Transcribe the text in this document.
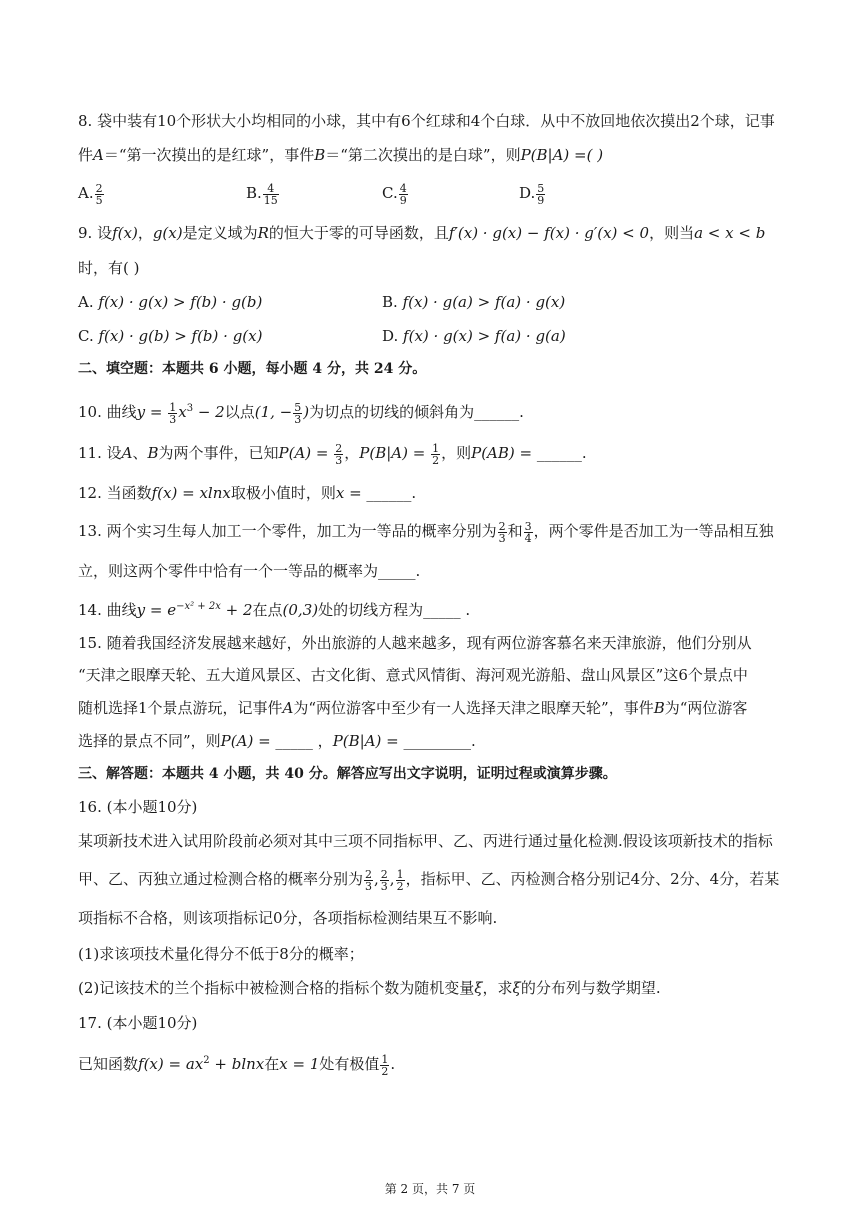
8. 袋中装有10个形状大小均相同的小球，其中有6个红球和4个白球．从中不放回地依次摸出2个球，记事
件A＝“第一次摸出的是红球”，事件B＝“第二次摸出的是白球”，则P(B|A) =( )
A. $\frac{2}{5}$	B. $\frac{4}{15}$	C. $\frac{4}{9}$	D. $\frac{5}{9}$
9. 设f(x)，g(x)是定义域为R的恒大于零的可导函数，且f′(x) · g(x) − f(x) · g′(x) < 0，则当a < x < b
时，有( )
A. f(x) · g(x) > f(b) · g(b)	B. f(x) · g(a) > f(a) · g(x)
C. f(x) · g(b) > f(b) · g(x)	D. f(x) · g(x) > f(a) · g(a)
二、填空题：本题共 6 小题，每小题 4 分，共 24 分。
10. 曲线$y = \frac{1}{3} x^3 - 2$以点(1, − $\frac{5}{3}$ )为切点的切线的倾斜角为______.
11. 设A、B为两个事件，已知$P(A) = \frac{2}{3}$ ，$P(B|A) = \frac{1}{2}$ ，则P(AB) = ______.
12. 当函数f(x) = xlnx取极小值时，则x = ______.
13. 两个实习生每人加工一个零件，加工为一等品的概率分别为 $\frac{2}{3}$ 和 $\frac{3}{4}$ ，两个零件是否加工为一等品相互独
立，则这两个零件中恰有一个一等品的概率为_____.
14. 曲线$y = e^{-x^2 + 2x} + 2$在点(0,3)处的切线方程为_____ .
15. 随着我国经济发展越来越好，外出旅游的人越来越多，现有两位游客慕名来天津旅游，他们分别从
“天津之眼摩天轮、五大道风景区、古文化街、意式风情街、海河观光游船、盘山风景区”这6个景点中
随机选择1个景点游玩，记事件A为“两位游客中至少有一人选择天津之眼摩天轮”，事件B为“两位游客
选择的景点不同”，则P(A) = _____ ，P(B|A) = _________.
三、解答题：本题共 4 小题，共 40 分。解答应写出文字说明，证明过程或演算步骤。
16. (本小题10分)
某项新技术进入试用阶段前必须对其中三项不同指标甲、乙、丙进行通过量化检测.假设该项新技术的指标
甲、乙、丙独立通过检测合格的概率分别为 $\frac{2}{3}$ , $\frac{2}{3}$ , $\frac{1}{2}$ ，指标甲、乙、丙检测合格分别记4分、2分、4分，若某
项指标不合格，则该项指标记0分，各项指标检测结果互不影响.
(1)求该项技术量化得分不低于8分的概率；
(2)记该技术的兰个指标中被检测合格的指标个数为随机变量ξ，求ξ的分布列与数学期望.
17. (本小题10分)
已知函数$f(x) = ax^2 + blnx$在x = 1处有极值 $\frac{1}{2}$ .
第 2 页，共 7 页
